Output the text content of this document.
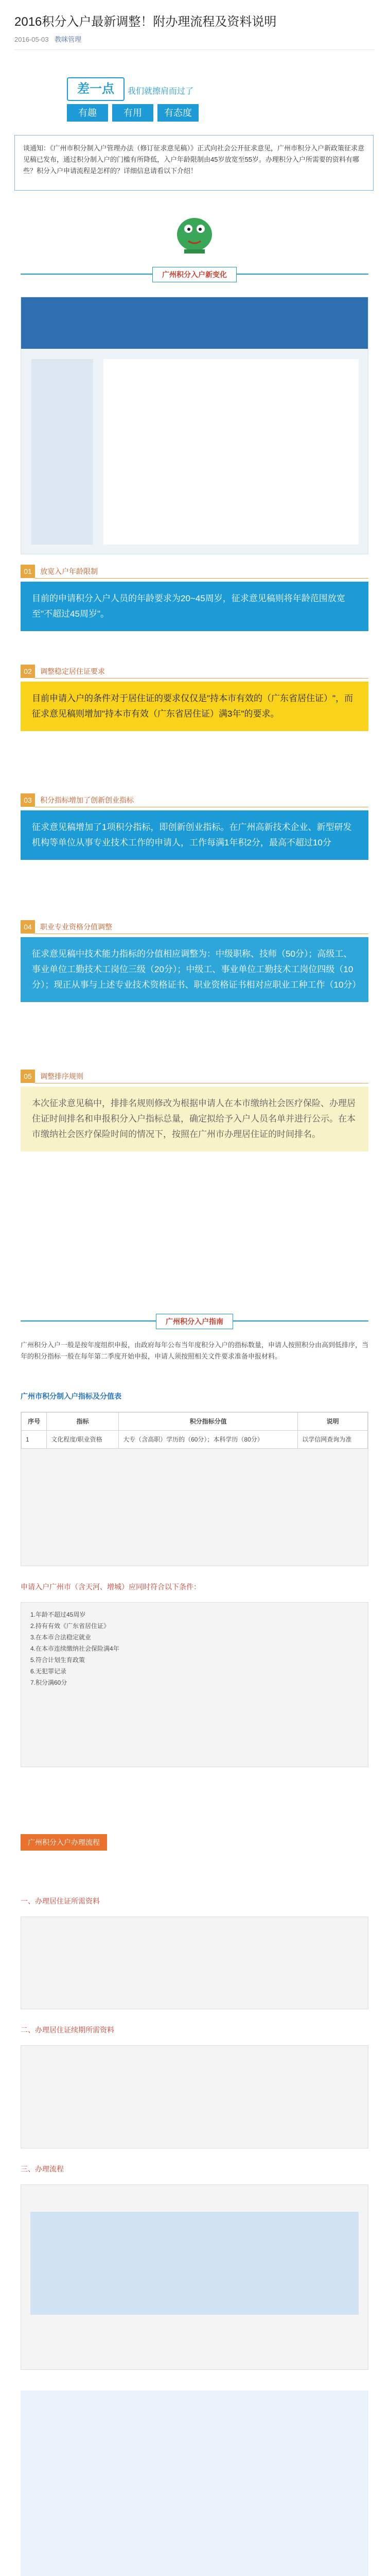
2016积分入户最新调整！附办理流程及资料说明
2016-05-03 教咪管理
差一点	我们就擦肩而过了
有趣	有用	有态度
谈通知：《广州市积分制入户管理办法（修订征求意见稿）》正式向社会公开征求意见，广州市积分入户新政策征求意见稿已发布，通过积分制入户的门槛有所降低，入户年龄限制由45岁放宽至55岁。办理积分入户所需要的资料有哪些？积分入户申请流程是怎样的？详细信息请看以下介绍！
广州积分入户新变化
01	放宽入户年龄限制
目前的申请积分入户人员的年龄要求为20~45周岁，征求意见稿则将年龄范围放宽至"不超过45周岁"。
02	调整稳定居住证要求
目前申请入户的条件对于居住证的要求仅仅是"持本市有效的（广东省居住证）"，而征求意见稿则增加"持本市有效（广东省居住证）满3年"的要求。
03	积分指标增加了创新创业指标
征求意见稿增加了1项积分指标，即创新创业指标。在广州高新技术企业、新型研发机构等单位从事专业技术工作的申请人，工作每满1年积2分，最高不超过10分
04	职业专业资格分值调整
征求意见稿中技术能力指标的分值相应调整为：中级职称、技师（50分）；高级工、事业单位工勤技术工岗位三级（20分）；中级工、事业单位工勤技术工岗位四级（10分）；现正从事与上述专业技术资格证书、职业资格证书相对应职业工种工作（10分）
05	调整排序规则
本次征求意见稿中，排排名规则修改为根据申请人在本市缴纳社会医疗保险、办理居住证时间排名和申报积分入户指标总量，确定拟给予入户人员名单并进行公示。在本市缴纳社会医疗保险时间的情况下，按照在广州市办理居住证的时间排名。
广州积分入户指南
广州积分入户一般是按年度组织申报，由政府每年公布当年度积分入户的指标数量，申请人按照积分由高到低排序，当年的积分指标一般在每年第二季度开始申报，申请人须按照相关文件要求准备申报材料。
广州市积分制入户指标及分值表
序号	指标	积分指标分值	说明
1	文化程度/职业资格	大专（含高职）学历的（60分）；本科学历（80分）	以学信网查询为准
申请入户广州市（含天河、增城）应同时符合以下条件：
1.年龄不超过45周岁
2.持有有效《广东省居住证》
3.在本市合法稳定就业
4.在本市连续缴纳社会保险满4年
5.符合计划生育政策
6.无犯罪记录
7.积分满60分
广州积分入户办理流程
一、办理居住证所需资料
二、办理居住证续期所需资料
三、办理流程
